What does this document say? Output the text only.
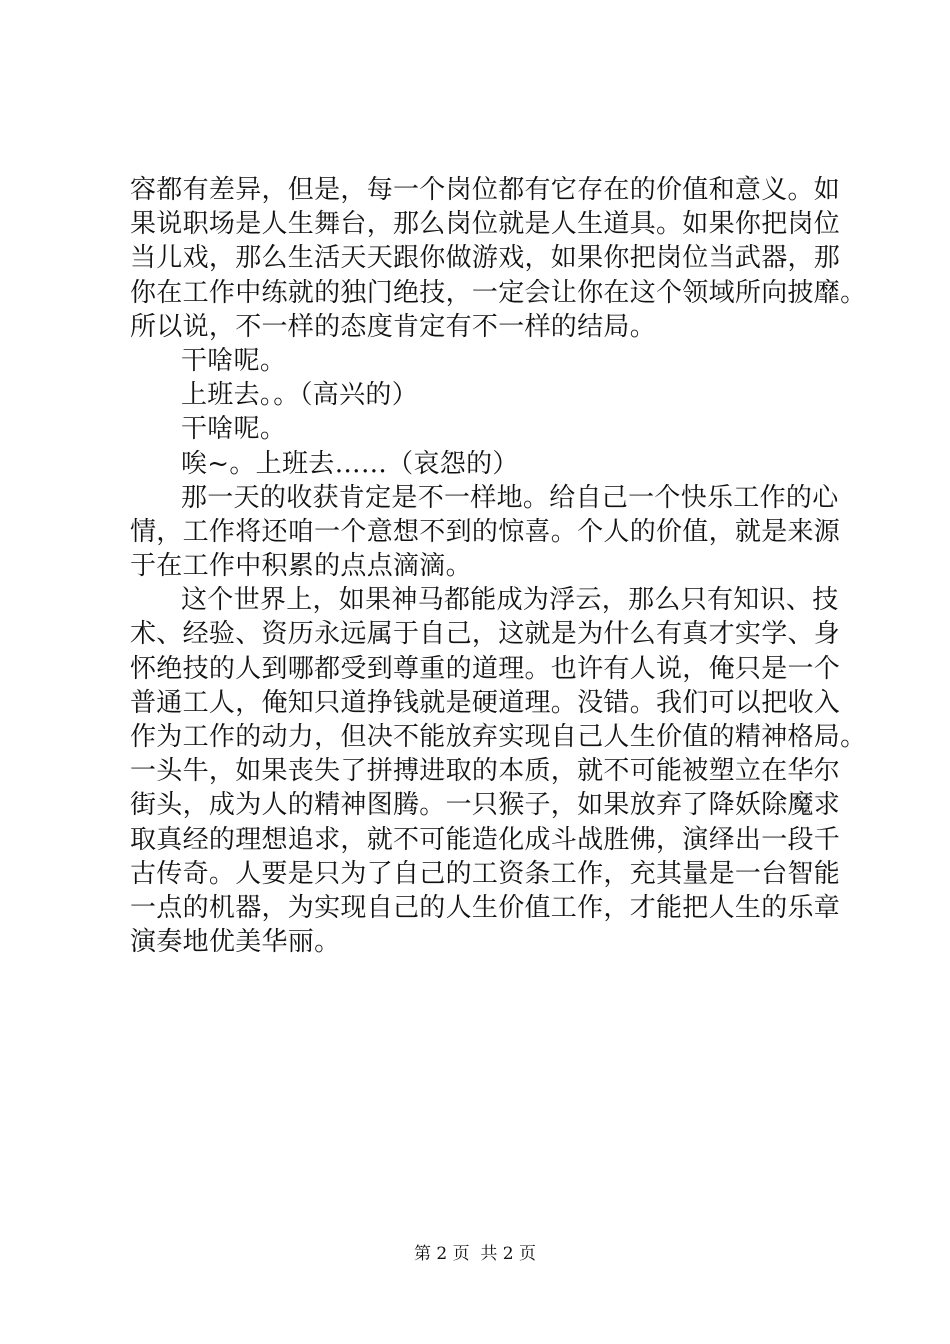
容都有差异，但是，每一个岗位都有它存在的价值和意义。如
果说职场是人生舞台，那么岗位就是人生道具。如果你把岗位
当儿戏，那么生活天天跟你做游戏，如果你把岗位当武器，那
你在工作中练就的独门绝技，一定会让你在这个领域所向披靡。
所以说，不一样的态度肯定有不一样的结局。
干啥呢。
上班去。。（高兴的）
干啥呢。
唉~。上班去……（哀怨的）
那一天的收获肯定是不一样地。给自己一个快乐工作的心
情，工作将还咱一个意想不到的惊喜。个人的价值，就是来源
于在工作中积累的点点滴滴。
这个世界上，如果神马都能成为浮云，那么只有知识、技
术、经验、资历永远属于自己，这就是为什么有真才实学、身
怀绝技的人到哪都受到尊重的道理。也许有人说，俺只是一个
普通工人，俺知只道挣钱就是硬道理。没错。我们可以把收入
作为工作的动力，但决不能放弃实现自己人生价值的精神格局。
一头牛，如果丧失了拼搏进取的本质，就不可能被塑立在华尔
街头，成为人的精神图腾。一只猴子，如果放弃了降妖除魔求
取真经的理想追求，就不可能造化成斗战胜佛，演绎出一段千
古传奇。人要是只为了自己的工资条工作，充其量是一台智能
一点的机器，为实现自己的人生价值工作，才能把人生的乐章
演奏地优美华丽。
第 2 页  共 2 页
